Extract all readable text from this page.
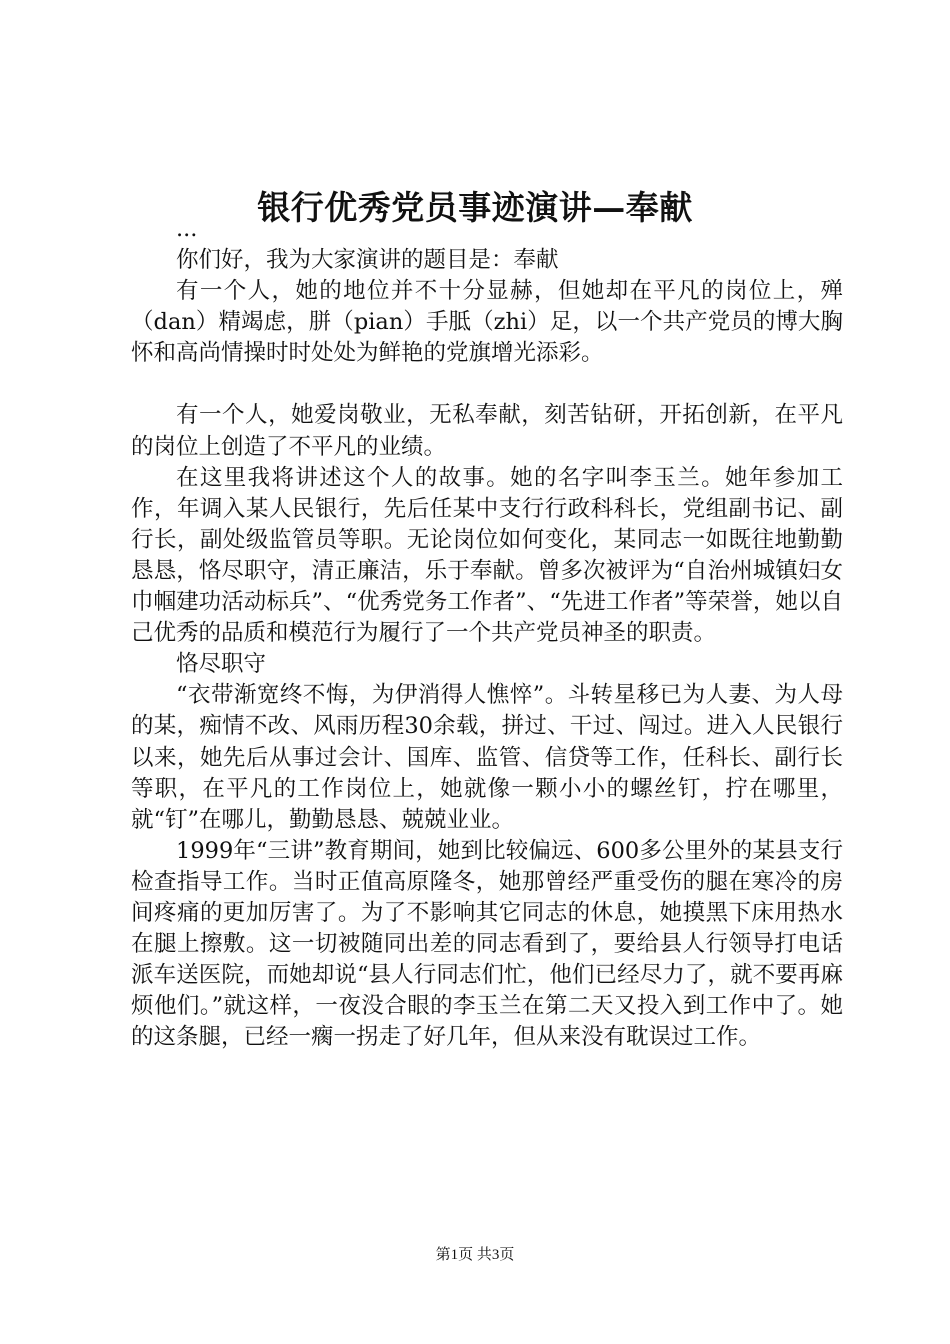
银行优秀党员事迹演讲—奉献

...

你们好，我为大家演讲的题目是：奉献

有一个人，她的地位并不十分显赫，但她却在平凡的岗位上，殚（dan）精竭虑，胼（pian）手胝（zhi）足，以一个共产党员的博大胸怀和高尚情操时时处处为鲜艳的党旗增光添彩。

有一个人，她爱岗敬业，无私奉献，刻苦钻研，开拓创新，在平凡的岗位上创造了不平凡的业绩。

在这里我将讲述这个人的故事。她的名字叫李玉兰。她年参加工作，年调入某人民银行，先后任某中支行行政科科长，党组副书记、副行长，副处级监管员等职。无论岗位如何变化，某同志一如既往地勤勤恳恳，恪尽职守，清正廉洁，乐于奉献。曾多次被评为“自治州城镇妇女巾帼建功活动标兵”、“优秀党务工作者”、“先进工作者”等荣誉，她以自己优秀的品质和模范行为履行了一个共产党员神圣的职责。

恪尽职守

“衣带渐宽终不悔，为伊消得人憔悴”。斗转星移已为人妻、为人母的某，痴情不改、风雨历程30余载，拼过、干过、闯过。进入人民银行以来，她先后从事过会计、国库、监管、信贷等工作，任科长、副行长等职，在平凡的工作岗位上，她就像一颗小小的螺丝钉，拧在哪里，就“钉”在哪儿，勤勤恳恳、兢兢业业。

1999年“三讲”教育期间，她到比较偏远、600多公里外的某县支行检查指导工作。当时正值高原隆冬，她那曾经严重受伤的腿在寒冷的房间疼痛的更加厉害了。为了不影响其它同志的休息，她摸黑下床用热水在腿上擦敷。这一切被随同出差的同志看到了，要给县人行领导打电话派车送医院，而她却说“县人行同志们忙，他们已经尽力了，就不要再麻烦他们。”就这样，一夜没合眼的李玉兰在第二天又投入到工作中了。她的这条腿，已经一瘸一拐走了好几年，但从来没有耽误过工作。

第1页 共3页
